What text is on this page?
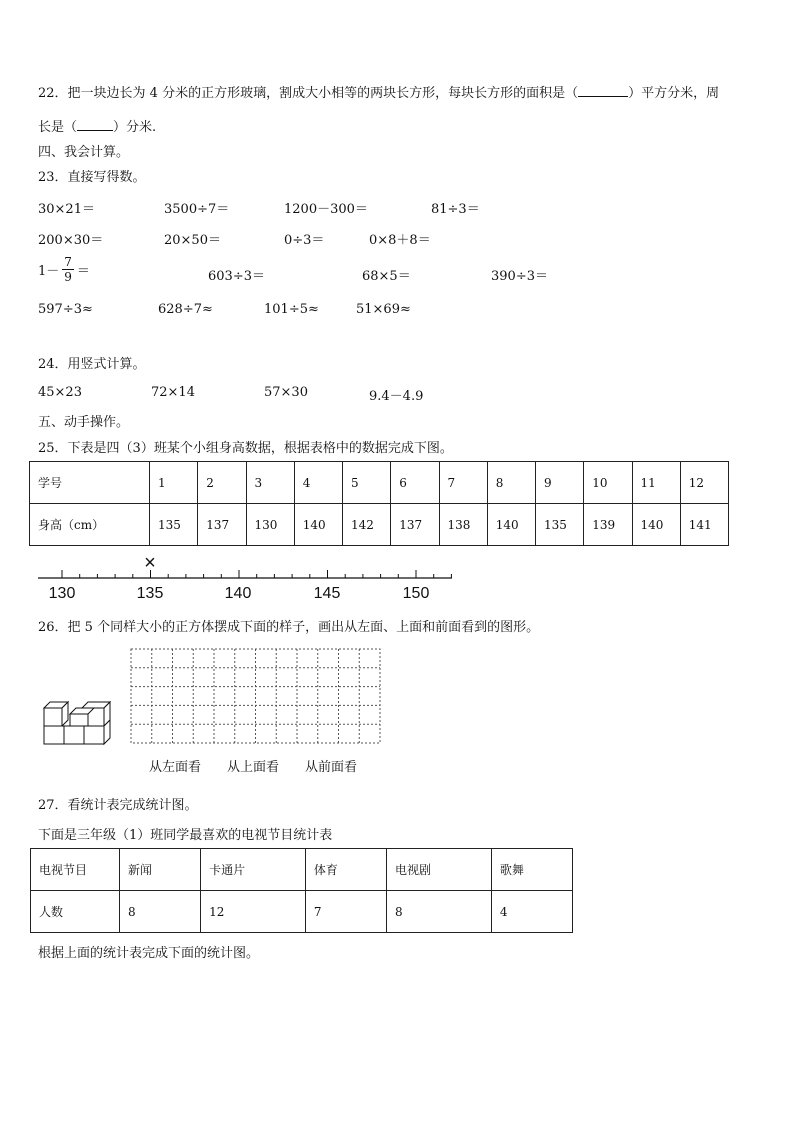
22．把一块边长为 4 分米的正方形玻璃，割成大小相等的两块长方形，每块长方形的面积是（	）平方分米，周
长是（	）分米.
四、我会计算。
23．直接写得数。
30×21＝	3500÷7＝	1200－300＝	81÷3＝
200×30＝	20×50＝	0÷3＝	0×8＋8＝
$1- \frac{7}{9}$ ＝	603÷3＝	68×5＝	390÷3＝
597÷3≈	628÷7≈	101÷5≈	51×69≈
24．用竖式计算。
45×23	72×14	57×30	9.4－4.9
五、动手操作。
25．下表是四（3）班某个小组身高数据，根据表格中的数据完成下图。
学号	1	2	3	4	5	6	7	8	9	10	11	12
身高（cm）	135	137	130	140	142	137	138	140	135	139	140	141
×
130	135	140	145	150
26．把 5 个同样大小的正方体摆成下面的样子，画出从左面、上面和前面看到的图形。
从左面看 从上面看 从前面看
27．看统计表完成统计图。
下面是三年级（1）班同学最喜欢的电视节目统计表
电视节目	新闻	卡通片	体育	电视剧	歌舞
人数	8	12	7	8	4
根据上面的统计表完成下面的统计图。
